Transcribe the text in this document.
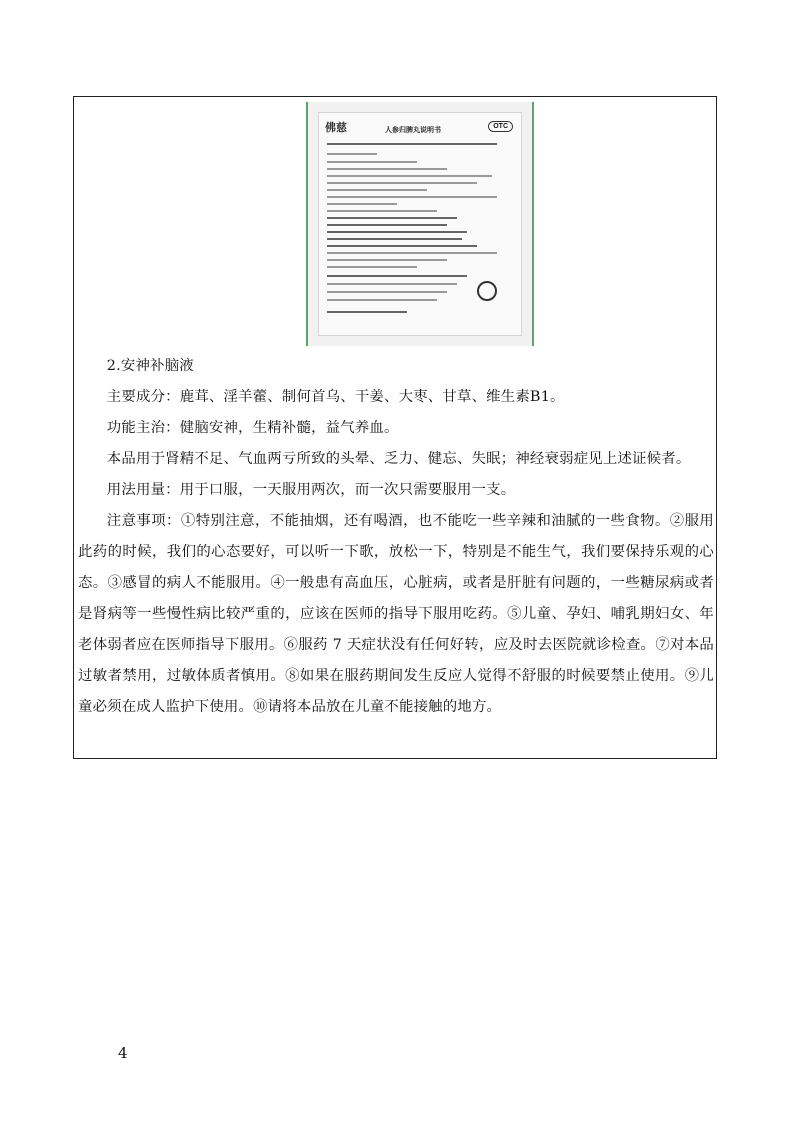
佛慈	人参归脾丸说明书	OTC

2.安神补脑液

主要成分：鹿茸、淫羊藿、制何首乌、干姜、大枣、甘草、维生素B1。

功能主治：健脑安神，生精补髓，益气养血。

本品用于肾精不足、气血两亏所致的头晕、乏力、健忘、失眠；神经衰弱症见上述证候者。

用法用量：用于口服，一天服用两次，而一次只需要服用一支。

注意事项：①特别注意，不能抽烟，还有喝酒，也不能吃一些辛辣和油腻的一些食物。②服用此药的时候，我们的心态要好，可以听一下歌，放松一下，特别是不能生气，我们要保持乐观的心态。③感冒的病人不能服用。④一般患有高血压，心脏病，或者是肝脏有问题的，一些糖尿病或者是肾病等一些慢性病比较严重的，应该在医师的指导下服用吃药。⑤儿童、孕妇、哺乳期妇女、年老体弱者应在医师指导下服用。⑥服药 7 天症状没有任何好转，应及时去医院就诊检查。⑦对本品过敏者禁用，过敏体质者慎用。⑧如果在服药期间发生反应人觉得不舒服的时候要禁止使用。⑨儿童必须在成人监护下使用。⑩请将本品放在儿童不能接触的地方。

4
